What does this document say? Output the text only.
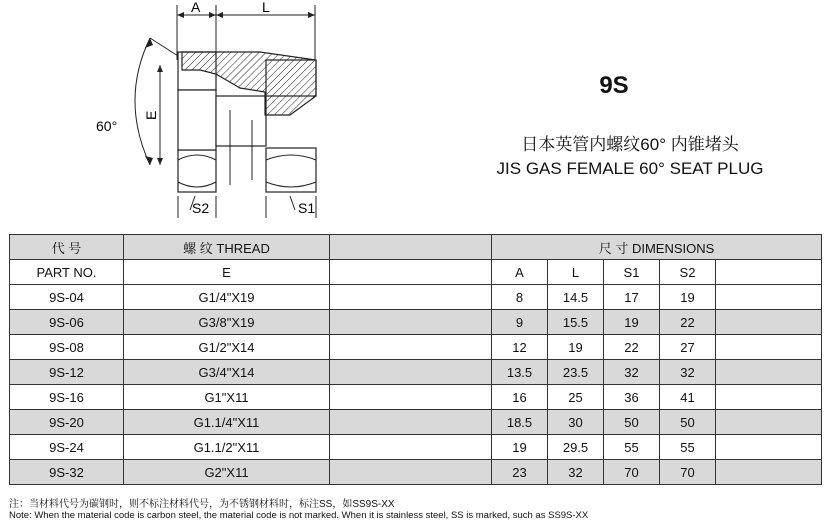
A	L
60°
E
S2	S1
9S
日本英管内螺纹60° 内锥堵头
JIS GAS FEMALE 60° SEAT PLUG
代 号	螺 纹 THREAD		尺 寸 DIMENSIONS				
PART NO.	E		A	L	S1	S2	
9S-04	G1/4"X19		8	14.5	17	19	
9S-06	G3/8"X19		9	15.5	19	22	
9S-08	G1/2"X14		12	19	22	27	
9S-12	G3/4"X14		13.5	23.5	32	32	
9S-16	G1"X11		16	25	36	41	
9S-20	G1.1/4"X11		18.5	30	50	50	
9S-24	G1.1/2"X11		19	29.5	55	55	
9S-32	G2"X11		23	32	70	70	
注：当材料代号为碳钢时，则不标注材料代号，为不锈钢材料时，标注SS，如SS9S-XX
Note: When the material code is carbon steel, the material code is not marked. When it is stainless steel, SS is marked, such as SS9S-XX
